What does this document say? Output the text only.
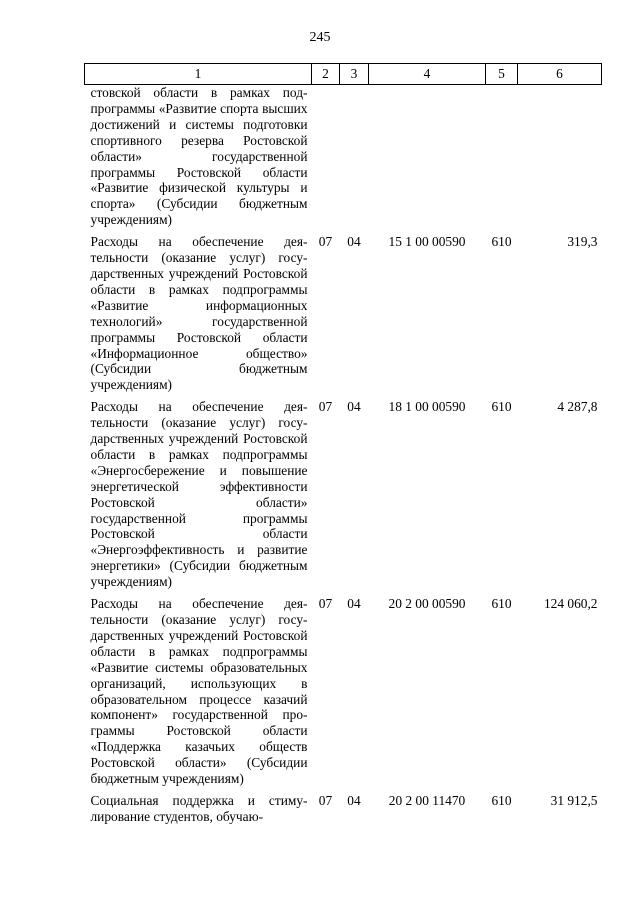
245
1	2	3	4	5	6
стовской области в рамках подпрограммы «Развитие спорта высших достижений и системы подготовки спортивного резерва Ростовской области» государственной программы Ростовской области «Развитие физической культуры и спорта» (Субсидии бюджетным учреждениям)					
Расходы на обеспечение деятельности (оказание услуг) государственных учреждений Ростовской области в рамках подпрограммы «Развитие информационных технологий» государственной программы Ростовской области «Информационное общество» (Субсидии бюджетным учреждениям)	07	04	15 1 00 00590	610	319,3
Расходы на обеспечение деятельности (оказание услуг) государственных учреждений Ростовской области в рамках подпрограммы «Энергосбережение и повышение энергетической эффективности Ростовской области» государственной программы Ростовской области «Энергоэффективность и развитие энергетики» (Субсидии бюджетным учреждениям)	07	04	18 1 00 00590	610	4 287,8
Расходы на обеспечение деятельности (оказание услуг) государственных учреждений Ростовской области в рамках подпрограммы «Развитие системы образовательных организаций, использующих в образовательном процессе казачий компонент» государственной программы Ростовской области «Поддержка казачьих обществ Ростовской области» (Субсидии бюджетным учреждениям)	07	04	20 2 00 00590	610	124 060,2
Социальная поддержка и стимулирование студентов, обучаю-	07	04	20 2 00 11470	610	31 912,5
